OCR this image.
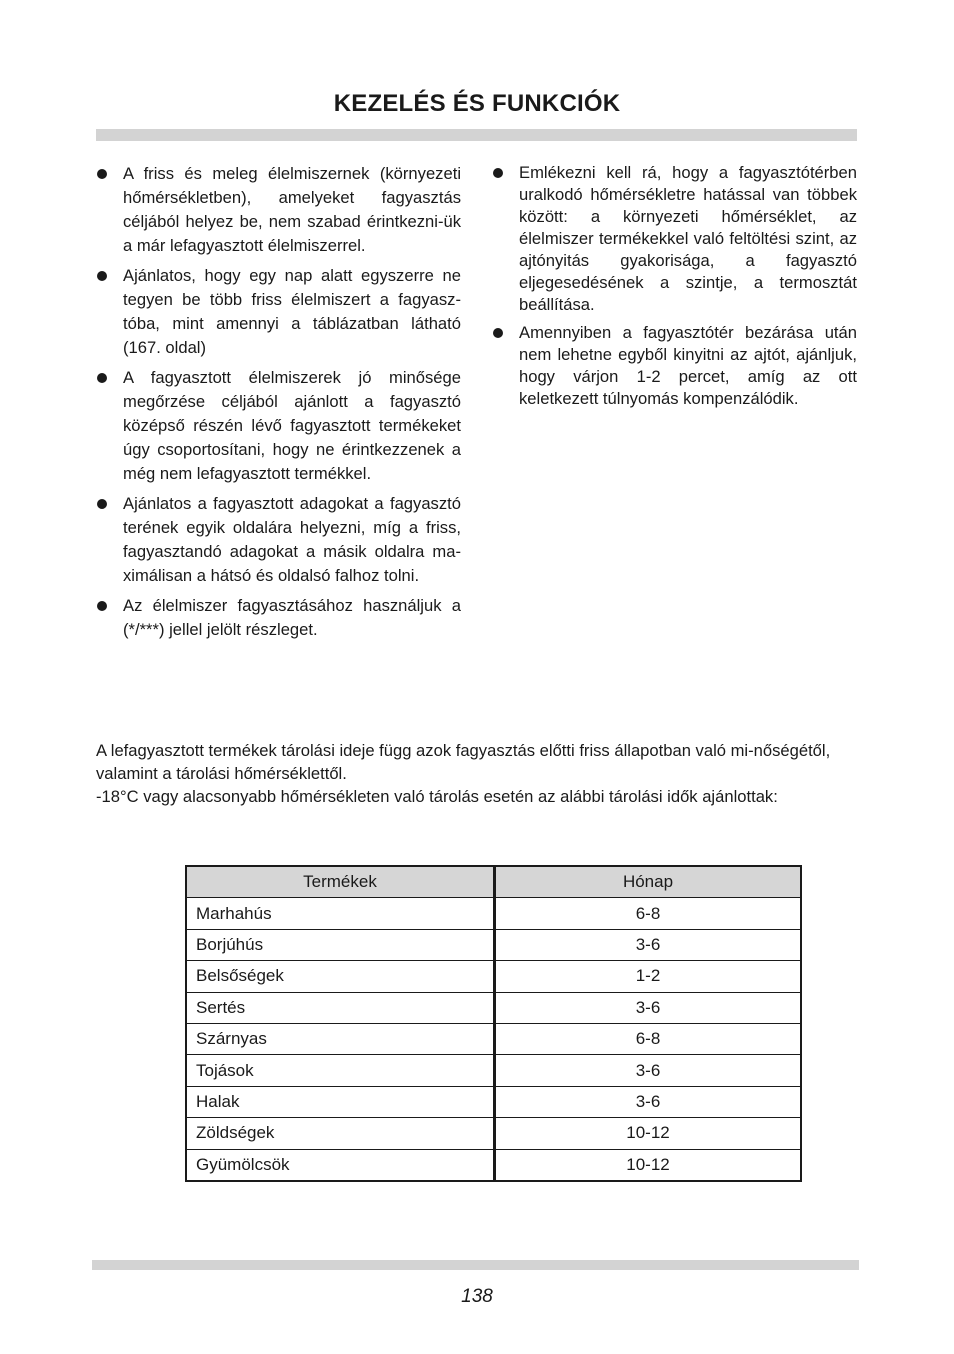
KEZELÉS ÉS FUNKCIÓK
A friss és meleg élelmiszernek (környezeti hőmérsékletben), amelyeket fagyasztás céljából helyez be, nem szabad érintkezni-ük a már lefagyasztott élelmiszerrel.
Ajánlatos, hogy egy nap alatt egyszerre ne tegyen be több friss élelmiszert a fagyasz-tóba, mint amennyi a táblázatban látható (167. oldal)
A fagyasztott élelmiszerek jó minősége megőrzése céljából ajánlott a fagyasztó középső részén lévő fagyasztott termékeket úgy csoportosítani, hogy ne érintkezzenek a még nem lefagyasztott termékkel.
Ajánlatos a fagyasztott adagokat a fagyasztó terének egyik oldalára helyezni, míg a friss, fagyasztandó adagokat a másik oldalra ma-ximálisan a hátsó és oldalsó falhoz tolni.
Az élelmiszer fagyasztásához használjuk a (*/***) jellel jelölt részleget.
Emlékezni kell rá, hogy a fagyasztótérben uralkodó hőmérsékletre hatással van többek között: a környezeti hőmérséklet, az élelmiszer termékekkel való feltöltési szint, az ajtónyitás gyakorisága, a fagyasztó eljegesedésének a szintje, a termosztát beállítása.
Amennyiben a fagyasztótér bezárása után nem lehetne egyből kinyitni az ajtót, ajánljuk, hogy várjon 1-2 percet, amíg az ott keletkezett túlnyomás kompenzálódik.

A lefagyasztott termékek tárolási ideje függ azok fagyasztás előtti friss állapotban való mi-nőségétől, valamint a tárolási hőmérséklettől.

-18°C vagy alacsonyabb hőmérsékleten való tárolás esetén az alábbi tárolási idők ajánlottak:

Termékek	Hónap
Marhahús	6-8
Borjúhús	3-6
Belsőségek	1-2
Sertés	3-6
Szárnyas	6-8
Tojások	3-6
Halak	3-6
Zöldségek	10-12
Gyümölcsök	10-12
138
